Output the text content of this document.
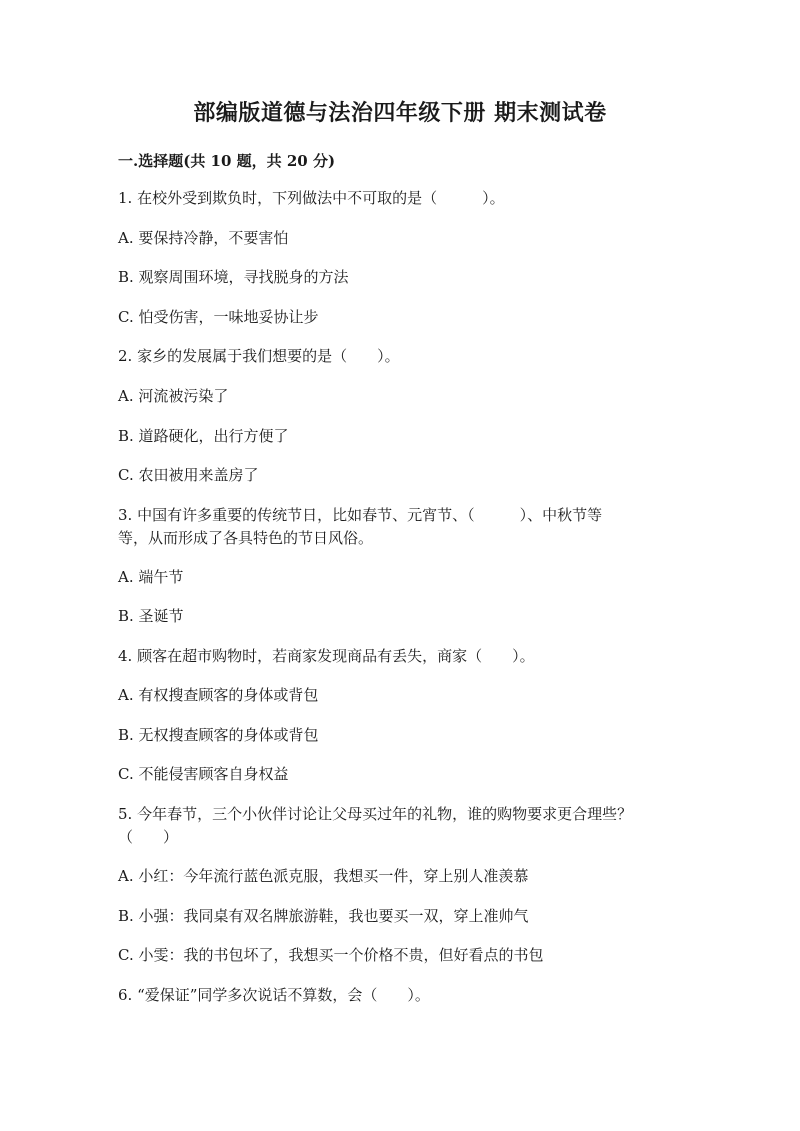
部编版道德与法治四年级下册 期末测试卷
一.选择题(共 10 题，共 20 分)
1. 在校外受到欺负时，下列做法中不可取的是（　　　）。
A. 要保持冷静，不要害怕
B. 观察周围环境，寻找脱身的方法
C. 怕受伤害，一味地妥协让步
2. 家乡的发展属于我们想要的是（　　）。
A. 河流被污染了
B. 道路硬化，出行方便了
C. 农田被用来盖房了
3. 中国有许多重要的传统节日，比如春节、元宵节、（　　　）、中秋节等
等，从而形成了各具特色的节日风俗。
A. 端午节
B. 圣诞节
4. 顾客在超市购物时，若商家发现商品有丢失，商家（　　）。
A. 有权搜查顾客的身体或背包
B. 无权搜查顾客的身体或背包
C. 不能侵害顾客自身权益
5. 今年春节，三个小伙伴讨论让父母买过年的礼物，谁的购物要求更合理些？
（　　）
A. 小红：今年流行蓝色派克服，我想买一件，穿上别人准羡慕
B. 小强：我同桌有双名牌旅游鞋，我也要买一双，穿上准帅气
C. 小雯：我的书包坏了，我想买一个价格不贵，但好看点的书包
6. “爱保证”同学多次说话不算数，会（　　）。
